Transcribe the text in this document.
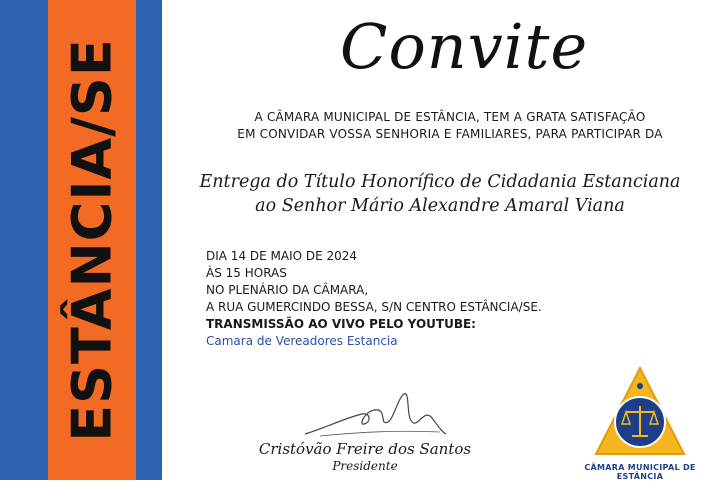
ESTÂNCIA/SE	Convite
A CÂMARA MUNICIPAL DE ESTÂNCIA, TEM A GRATA SATISFAÇÃO
EM CONVIDAR VOSSA SENHORIA E FAMILIARES, PARA PARTICIPAR DA
Entrega do Título Honorífico de Cidadania Estanciana
ao Senhor Mário Alexandre Amaral Viana
DIA 14 DE MAIO DE 2024
ÀS 15 HORAS
NO PLENÁRIO DA CÂMARA,
A RUA GUMERCINDO BESSA, S/N CENTRO ESTÂNCIA/SE.
TRANSMISSÃO AO VIVO PELO YOUTUBE:
Camara de Vereadores Estancia
Cristóvão Freire dos Santos
Presidente	CÂMARA MUNICIPAL DE ESTÂNCIA
